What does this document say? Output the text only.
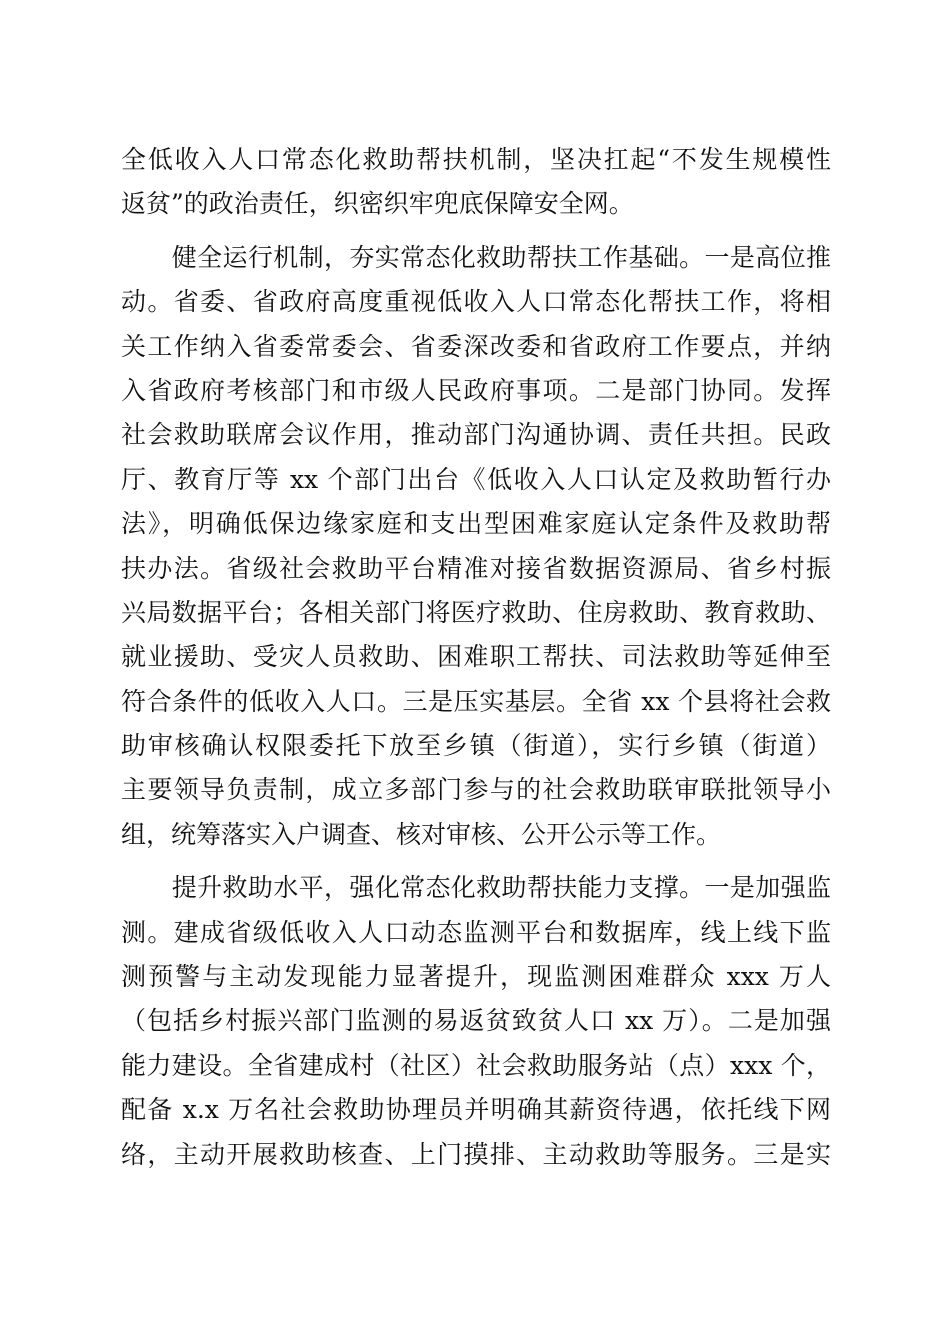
全低收入人口常态化救助帮扶机制，坚决扛起“不发生规模性
返贫”的政治责任，织密织牢兜底保障安全网。
　　健全运行机制，夯实常态化救助帮扶工作基础。一是高位推
动。省委、省政府高度重视低收入人口常态化帮扶工作，将相
关工作纳入省委常委会、省委深改委和省政府工作要点，并纳
入省政府考核部门和市级人民政府事项。二是部门协同。发挥
社会救助联席会议作用，推动部门沟通协调、责任共担。民政
厅、教育厅等 xx 个部门出台《低收入人口认定及救助暂行办
法》，明确低保边缘家庭和支出型困难家庭认定条件及救助帮
扶办法。省级社会救助平台精准对接省数据资源局、省乡村振
兴局数据平台；各相关部门将医疗救助、住房救助、教育救助、
就业援助、受灾人员救助、困难职工帮扶、司法救助等延伸至
符合条件的低收入人口。三是压实基层。全省 xx 个县将社会救
助审核确认权限委托下放至乡镇（街道），实行乡镇（街道）
主要领导负责制，成立多部门参与的社会救助联审联批领导小
组，统筹落实入户调查、核对审核、公开公示等工作。
　　提升救助水平，强化常态化救助帮扶能力支撑。一是加强监
测。建成省级低收入人口动态监测平台和数据库，线上线下监
测预警与主动发现能力显著提升，现监测困难群众 xxx 万人
（包括乡村振兴部门监测的易返贫致贫人口 xx 万）。二是加强
能力建设。全省建成村（社区）社会救助服务站（点）xxx 个，
配备 x.x 万名社会救助协理员并明确其薪资待遇，依托线下网
络，主动开展救助核查、上门摸排、主动救助等服务。三是实
